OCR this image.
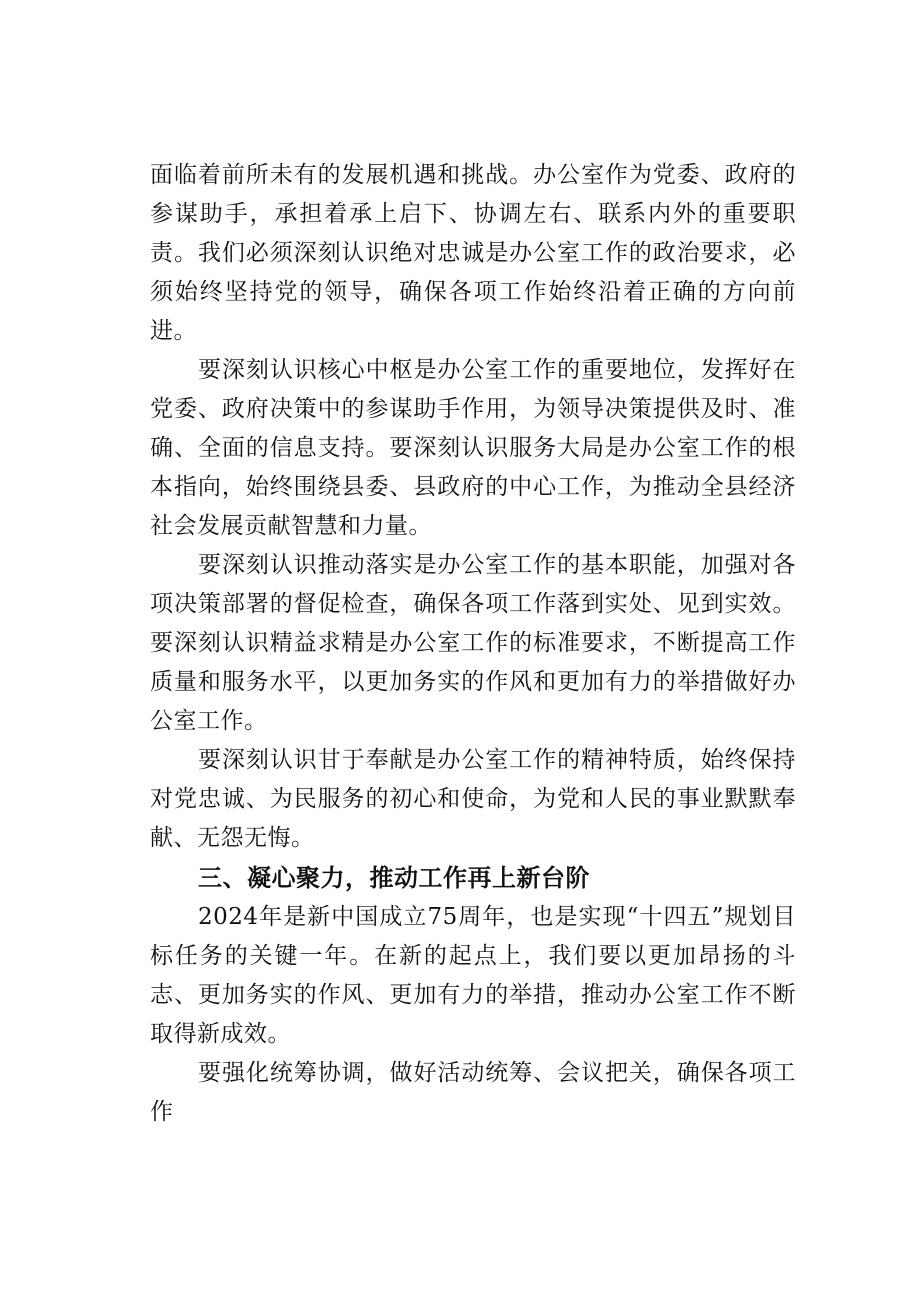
面临着前所未有的发展机遇和挑战。办公室作为党委、政府的参谋助手，承担着承上启下、协调左右、联系内外的重要职责。我们必须深刻认识绝对忠诚是办公室工作的政治要求，必须始终坚持党的领导，确保各项工作始终沿着正确的方向前进。

要深刻认识核心中枢是办公室工作的重要地位，发挥好在党委、政府决策中的参谋助手作用，为领导决策提供及时、准确、全面的信息支持。要深刻认识服务大局是办公室工作的根本指向，始终围绕县委、县政府的中心工作，为推动全县经济社会发展贡献智慧和力量。

要深刻认识推动落实是办公室工作的基本职能，加强对各项决策部署的督促检查，确保各项工作落到实处、见到实效。要深刻认识精益求精是办公室工作的标准要求，不断提高工作质量和服务水平，以更加务实的作风和更加有力的举措做好办公室工作。

要深刻认识甘于奉献是办公室工作的精神特质，始终保持对党忠诚、为民服务的初心和使命，为党和人民的事业默默奉献、无怨无悔。

三、凝心聚力，推动工作再上新台阶

2024年是新中国成立75周年，也是实现“十四五”规划目标任务的关键一年。在新的起点上，我们要以更加昂扬的斗志、更加务实的作风、更加有力的举措，推动办公室工作不断取得新成效。

要强化统筹协调，做好活动统筹、会议把关，确保各项工作
